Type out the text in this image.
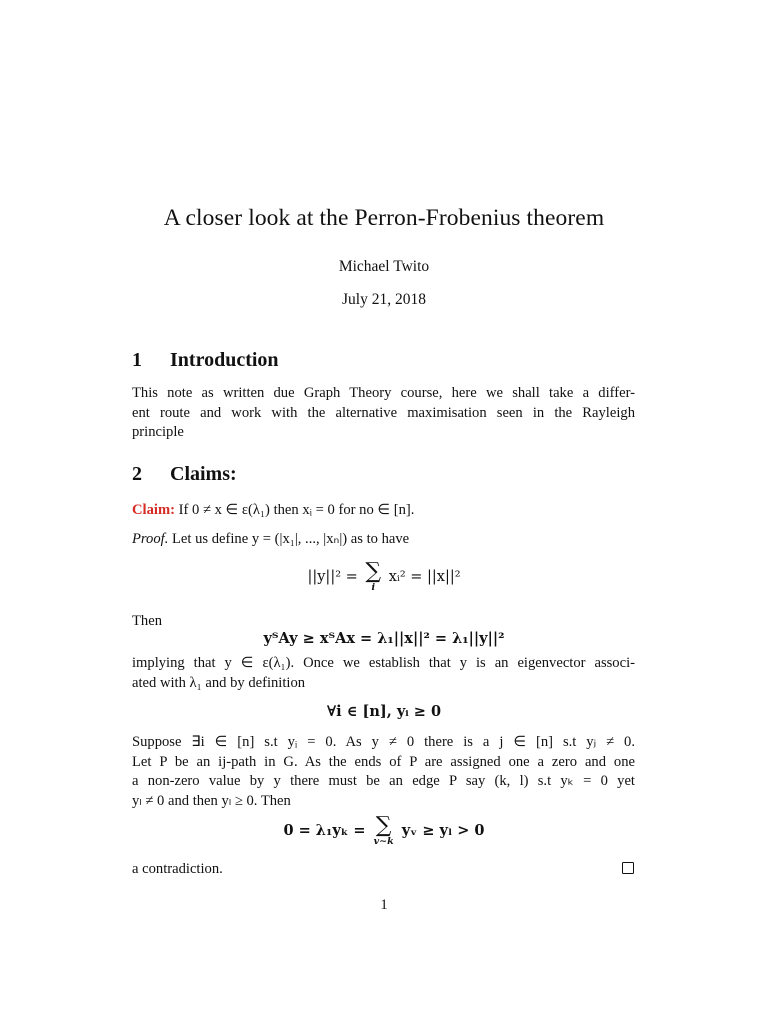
A closer look at the Perron-Frobenius theorem
Michael Twito
July 21, 2018
1 Introduction
This note as written due Graph Theory course, here we shall take a differ-
ent route and work with the alternative maximisation seen in the Rayleigh
principle
2 Claims:
Claim: If 0 ≠ x ∈ ε(λ₁) then xᵢ = 0 for no ∈ [n].
Proof. Let us define y = (|x₁|, ..., |xₙ|) as to have
||y||² = ∑
i
xᵢ² = ||x||²
Then
yᵀAy ≥ xᵀAx = λ₁||x||² = λ₁||y||²
implying that y ∈ ε(λ₁). Once we establish that y is an eigenvector associ-
ated with λ₁ and by definition
∀i ∈ [n], yᵢ ≥ 0
Suppose ∃i ∈ [n] s.t yᵢ = 0. As y ≠ 0 there is a j ∈ [n] s.t yⱼ ≠ 0.
Let P be an ij-path in G. As the ends of P are assigned one a zero and one
a non-zero value by y there must be an edge P say (k, l) s.t yₖ = 0 yet
yₗ ≠ 0 and then yₗ ≥ 0. Then
0 = λ₁yₖ = ∑
v∼k
yᵥ ≥ yₗ > 0
a contradiction.
1
